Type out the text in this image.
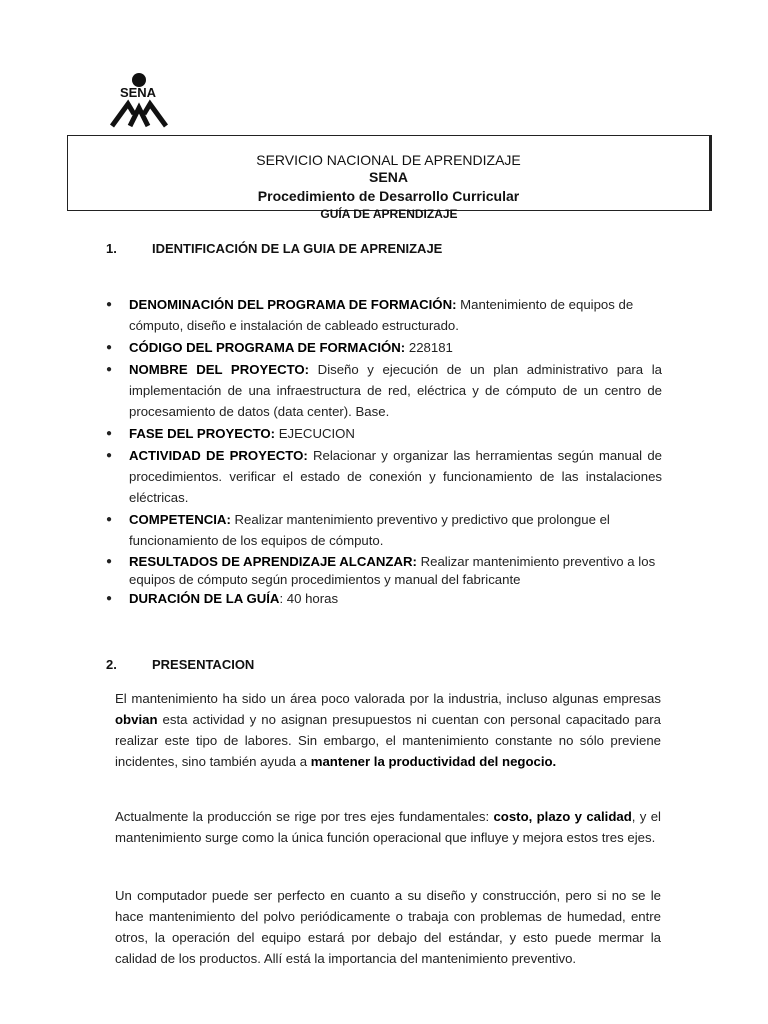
SENA
SERVICIO NACIONAL DE APRENDIZAJE
SENA
Procedimiento de Desarrollo Curricular
GUÍA DE APRENDIZAJE
1.	IDENTIFICACIÓN DE LA GUIA DE APRENIZAJE
● DENOMINACIÓN DEL PROGRAMA DE FORMACIÓN: Mantenimiento de equipos de cómputo, diseño e instalación de cableado estructurado.
● CÓDIGO DEL PROGRAMA DE FORMACIÓN: 228181
● NOMBRE DEL PROYECTO: Diseño y ejecución de un plan administrativo para la implementación de una infraestructura de red, eléctrica y de cómputo de un centro de procesamiento de datos (data center). Base.
● FASE DEL PROYECTO: EJECUCION
● ACTIVIDAD DE PROYECTO: Relacionar y organizar las herramientas según manual de procedimientos. verificar el estado de conexión y funcionamiento de las instalaciones eléctricas.
● COMPETENCIA: Realizar mantenimiento preventivo y predictivo que prolongue el funcionamiento de los equipos de cómputo.
● RESULTADOS DE APRENDIZAJE ALCANZAR: Realizar mantenimiento preventivo a los equipos de cómputo según procedimientos y manual del fabricante
● DURACIÓN DE LA GUÍA: 40 horas
2.	PRESENTACION

El mantenimiento ha sido un área poco valorada por la industria, incluso algunas empresas obvian esta actividad y no asignan presupuestos ni cuentan con personal capacitado para realizar este tipo de labores. Sin embargo, el mantenimiento constante no sólo previene incidentes, sino también ayuda a mantener la productividad del negocio.

Actualmente la producción se rige por tres ejes fundamentales: costo, plazo y calidad, y el mantenimiento surge como la única función operacional que influye y mejora estos tres ejes.

Un computador puede ser perfecto en cuanto a su diseño y construcción, pero si no se le hace mantenimiento del polvo periódicamente o trabaja con problemas de humedad, entre otros, la operación del equipo estará por debajo del estándar, y esto puede mermar la calidad de los productos. Allí está la importancia del mantenimiento preventivo.
